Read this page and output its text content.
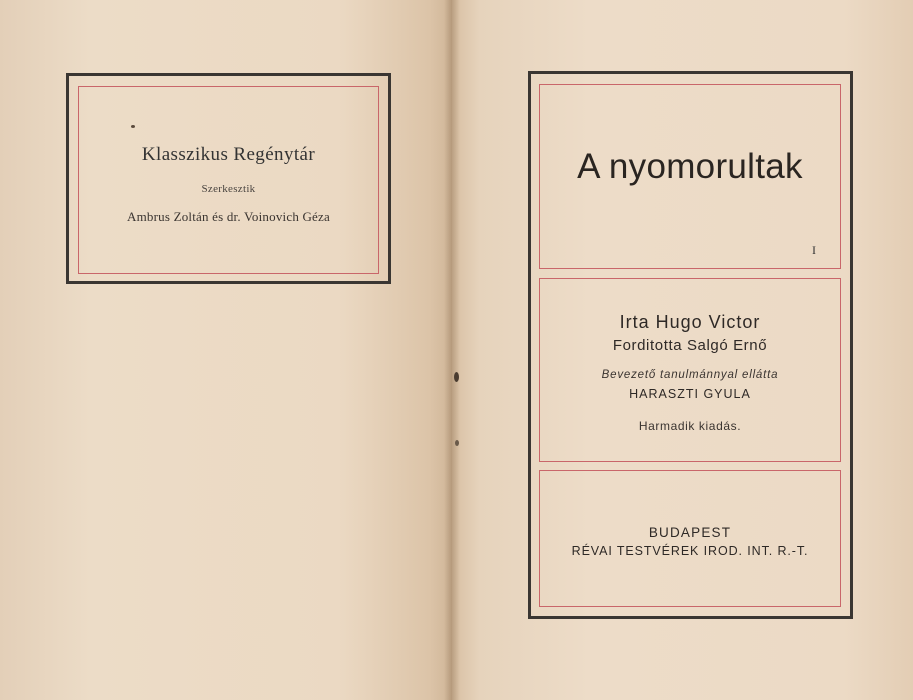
Klasszikus Regénytár
Szerkesztik
Ambrus Zoltán és dr. Voinovich Géza
A nyomorultak
I
Irta Hugo Victor
Forditotta Salgó Ernő
Bevezető tanulmánnyal ellátta
HARASZTI GYULA
Harmadik kiadás.
BUDAPEST
RÉVAI TESTVÉREK IROD. INT. R.-T.
